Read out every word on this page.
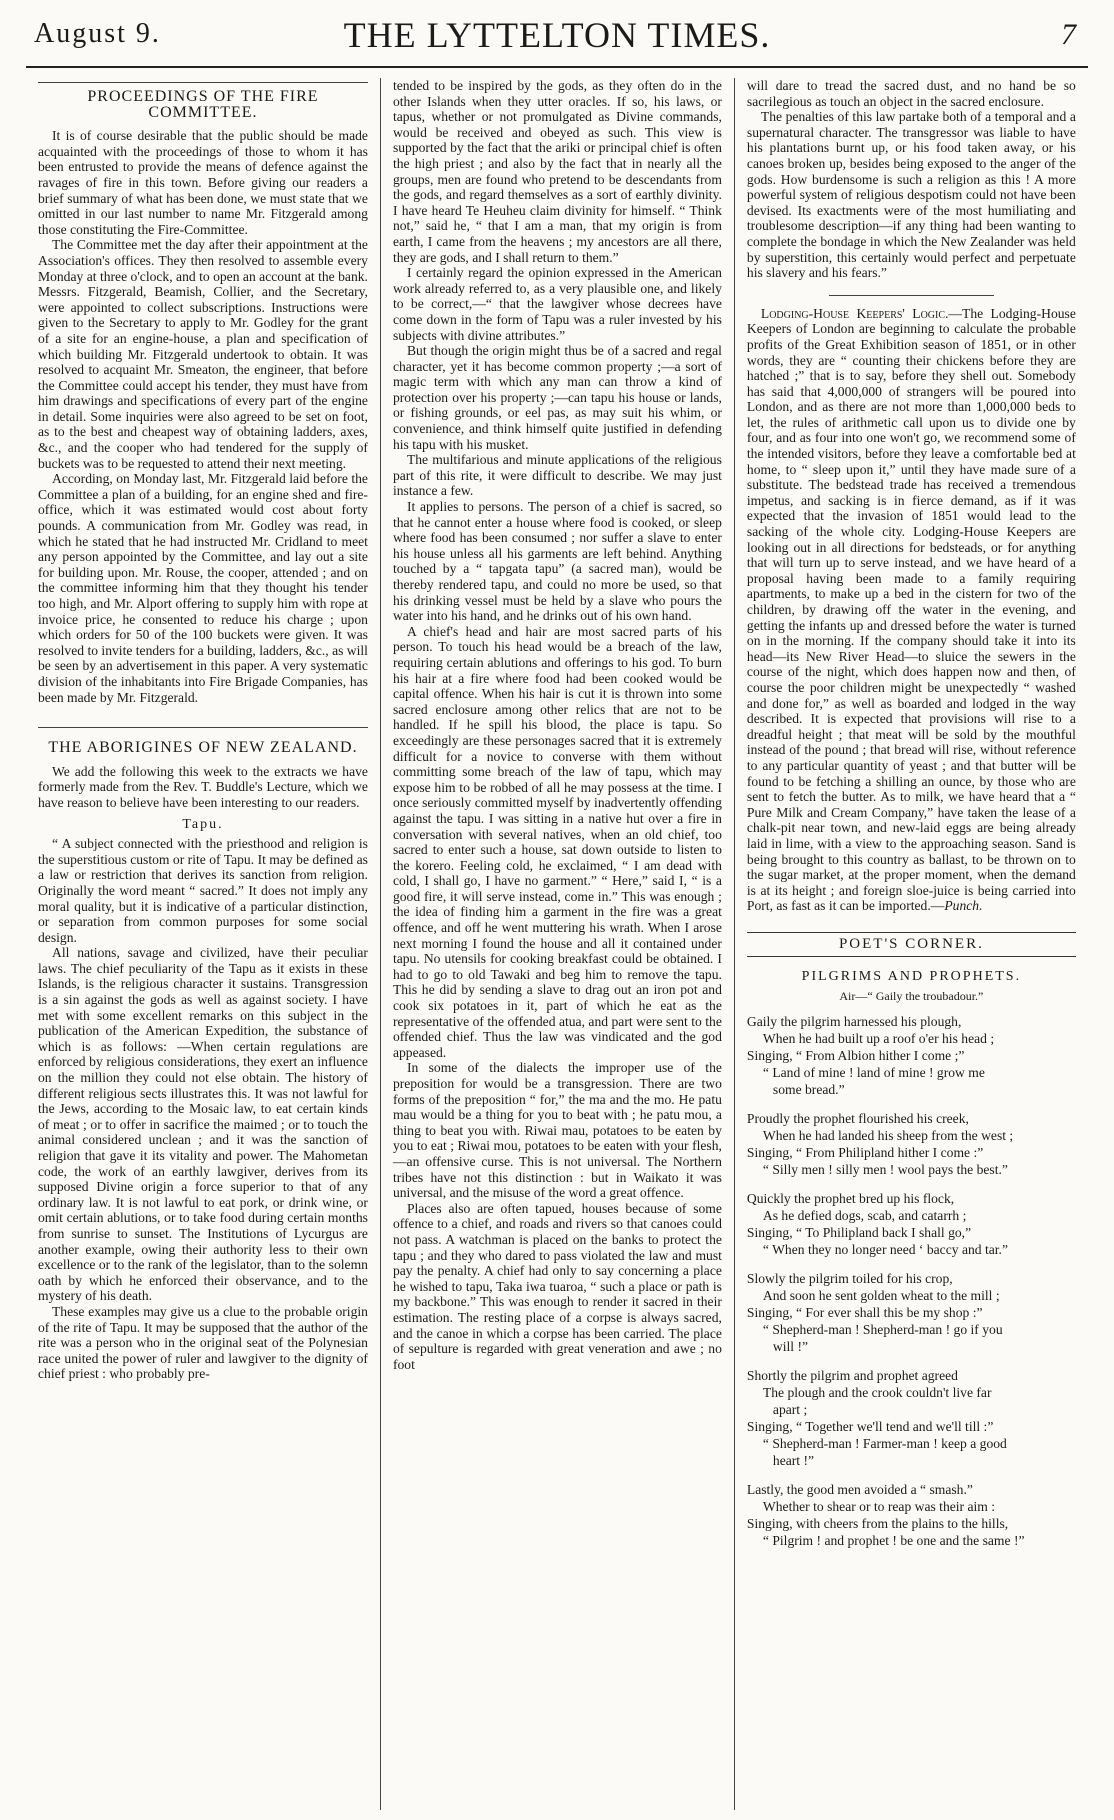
August 9.	THE LYTTELTON TIMES.	7
PROCEEDINGS OF THE FIRE COMMITTEE.

It is of course desirable that the public should be made acquainted with the proceedings of those to whom it has been entrusted to provide the means of defence against the ravages of fire in this town. Before giving our readers a brief summary of what has been done, we must state that we omitted in our last number to name Mr. Fitzgerald among those constituting the Fire-Committee.

The Committee met the day after their appointment at the Association's offices. They then resolved to assemble every Monday at three o'clock, and to open an account at the bank. Messrs. Fitzgerald, Beamish, Collier, and the Secretary, were appointed to collect subscriptions. Instructions were given to the Secretary to apply to Mr. Godley for the grant of a site for an engine-house, a plan and specification of which building Mr. Fitzgerald undertook to obtain. It was resolved to acquaint Mr. Smeaton, the engineer, that before the Committee could accept his tender, they must have from him drawings and specifications of every part of the engine in detail. Some inquiries were also agreed to be set on foot, as to the best and cheapest way of obtaining ladders, axes, &c., and the cooper who had tendered for the supply of buckets was to be requested to attend their next meeting.

According, on Monday last, Mr. Fitzgerald laid before the Committee a plan of a building, for an engine shed and fire-office, which it was estimated would cost about forty pounds. A communication from Mr. Godley was read, in which he stated that he had instructed Mr. Cridland to meet any person appointed by the Committee, and lay out a site for building upon. Mr. Rouse, the cooper, attended ; and on the committee informing him that they thought his tender too high, and Mr. Alport offering to supply him with rope at invoice price, he consented to reduce his charge ; upon which orders for 50 of the 100 buckets were given. It was resolved to invite tenders for a building, ladders, &c., as will be seen by an advertisement in this paper. A very systematic division of the inhabitants into Fire Brigade Companies, has been made by Mr. Fitzgerald.

THE ABORIGINES OF NEW ZEALAND.

We add the following this week to the extracts we have formerly made from the Rev. T. Buddle's Lecture, which we have reason to believe have been interesting to our readers.

Tapu.

“ A subject connected with the priesthood and religion is the superstitious custom or rite of Tapu. It may be defined as a law or restriction that derives its sanction from religion. Originally the word meant “ sacred.” It does not imply any moral quality, but it is indicative of a particular distinction, or separation from common purposes for some social design.

All nations, savage and civilized, have their peculiar laws. The chief peculiarity of the Tapu as it exists in these Islands, is the religious character it sustains. Transgression is a sin against the gods as well as against society. I have met with some excellent remarks on this subject in the publication of the American Expedition, the substance of which is as follows: —When certain regulations are enforced by religious considerations, they exert an influence on the million they could not else obtain. The history of different religious sects illustrates this. It was not lawful for the Jews, according to the Mosaic law, to eat certain kinds of meat ; or to offer in sacrifice the maimed ; or to touch the animal considered unclean ; and it was the sanction of religion that gave it its vitality and power. The Mahometan code, the work of an earthly lawgiver, derives from its supposed Divine origin a force superior to that of any ordinary law. It is not lawful to eat pork, or drink wine, or omit certain ablutions, or to take food during certain months from sunrise to sunset. The Institutions of Lycurgus are another example, owing their authority less to their own excellence or to the rank of the legislator, than to the solemn oath by which he enforced their observance, and to the mystery of his death.

These examples may give us a clue to the probable origin of the rite of Tapu. It may be supposed that the author of the rite was a person who in the original seat of the Polynesian race united the power of ruler and lawgiver to the dignity of chief priest : who probably pre-

tended to be inspired by the gods, as they often do in the other Islands when they utter oracles. If so, his laws, or tapus, whether or not promulgated as Divine commands, would be received and obeyed as such. This view is supported by the fact that the ariki or principal chief is often the high priest ; and also by the fact that in nearly all the groups, men are found who pretend to be descendants from the gods, and regard themselves as a sort of earthly divinity. I have heard Te Heuheu claim divinity for himself. “ Think not,” said he, “ that I am a man, that my origin is from earth, I came from the heavens ; my ancestors are all there, they are gods, and I shall return to them.”

I certainly regard the opinion expressed in the American work already referred to, as a very plausible one, and likely to be correct,—“ that the lawgiver whose decrees have come down in the form of Tapu was a ruler invested by his subjects with divine attributes.”

But though the origin might thus be of a sacred and regal character, yet it has become common property ;—a sort of magic term with which any man can throw a kind of protection over his property ;—can tapu his house or lands, or fishing grounds, or eel pas, as may suit his whim, or convenience, and think himself quite justified in defending his tapu with his musket.

The multifarious and minute applications of the religious part of this rite, it were difficult to describe. We may just instance a few.

It applies to persons. The person of a chief is sacred, so that he cannot enter a house where food is cooked, or sleep where food has been consumed ; nor suffer a slave to enter his house unless all his garments are left behind. Anything touched by a “ tapgata tapu” (a sacred man), would be thereby rendered tapu, and could no more be used, so that his drinking vessel must be held by a slave who pours the water into his hand, and he drinks out of his own hand.

A chief's head and hair are most sacred parts of his person. To touch his head would be a breach of the law, requiring certain ablutions and offerings to his god. To burn his hair at a fire where food had been cooked would be capital offence. When his hair is cut it is thrown into some sacred enclosure among other relics that are not to be handled. If he spill his blood, the place is tapu. So exceedingly are these personages sacred that it is extremely difficult for a novice to converse with them without committing some breach of the law of tapu, which may expose him to be robbed of all he may possess at the time. I once seriously committed myself by inadvertently offending against the tapu. I was sitting in a native hut over a fire in conversation with several natives, when an old chief, too sacred to enter such a house, sat down outside to listen to the korero. Feeling cold, he exclaimed, “ I am dead with cold, I shall go, I have no garment.” “ Here,” said I, “ is a good fire, it will serve instead, come in.” This was enough ; the idea of finding him a garment in the fire was a great offence, and off he went muttering his wrath. When I arose next morning I found the house and all it contained under tapu. No utensils for cooking breakfast could be obtained. I had to go to old Tawaki and beg him to remove the tapu. This he did by sending a slave to drag out an iron pot and cook six potatoes in it, part of which he eat as the representative of the offended atua, and part were sent to the offended chief. Thus the law was vindicated and the god appeased.

In some of the dialects the improper use of the preposition for would be a transgression. There are two forms of the preposition “ for,” the ma and the mo. He patu mau would be a thing for you to beat with ; he patu mou, a thing to beat you with. Riwai mau, potatoes to be eaten by you to eat ; Riwai mou, potatoes to be eaten with your flesh,—an offensive curse. This is not universal. The Northern tribes have not this distinction : but in Waikato it was universal, and the misuse of the word a great offence.

Places also are often tapued, houses because of some offence to a chief, and roads and rivers so that canoes could not pass. A watchman is placed on the banks to protect the tapu ; and they who dared to pass violated the law and must pay the penalty. A chief had only to say concerning a place he wished to tapu, Taka iwa tuaroa, “ such a place or path is my backbone.” This was enough to render it sacred in their estimation. The resting place of a corpse is always sacred, and the canoe in which a corpse has been carried. The place of sepulture is regarded with great veneration and awe ; no foot

will dare to tread the sacred dust, and no hand be so sacrilegious as touch an object in the sacred enclosure.

The penalties of this law partake both of a temporal and a supernatural character. The transgressor was liable to have his plantations burnt up, or his food taken away, or his canoes broken up, besides being exposed to the anger of the gods. How burdensome is such a religion as this ! A more powerful system of religious despotism could not have been devised. Its exactments were of the most humiliating and troublesome description—if any thing had been wanting to complete the bondage in which the New Zealander was held by superstition, this certainly would perfect and perpetuate his slavery and his fears.”

Lodging-House Keepers' Logic.—The Lodging-House Keepers of London are beginning to calculate the probable profits of the Great Exhibition season of 1851, or in other words, they are “ counting their chickens before they are hatched ;” that is to say, before they shell out. Somebody has said that 4,000,000 of strangers will be poured into London, and as there are not more than 1,000,000 beds to let, the rules of arithmetic call upon us to divide one by four, and as four into one won't go, we recommend some of the intended visitors, before they leave a comfortable bed at home, to “ sleep upon it,” until they have made sure of a substitute. The bedstead trade has received a tremendous impetus, and sacking is in fierce demand, as if it was expected that the invasion of 1851 would lead to the sacking of the whole city. Lodging-House Keepers are looking out in all directions for bedsteads, or for anything that will turn up to serve instead, and we have heard of a proposal having been made to a family requiring apartments, to make up a bed in the cistern for two of the children, by drawing off the water in the evening, and getting the infants up and dressed before the water is turned on in the morning. If the company should take it into its head—its New River Head—to sluice the sewers in the course of the night, which does happen now and then, of course the poor children might be unexpectedly “ washed and done for,” as well as boarded and lodged in the way described. It is expected that provisions will rise to a dreadful height ; that meat will be sold by the mouthful instead of the pound ; that bread will rise, without reference to any particular quantity of yeast ; and that butter will be found to be fetching a shilling an ounce, by those who are sent to fetch the butter. As to milk, we have heard that a “ Pure Milk and Cream Company,” have taken the lease of a chalk-pit near town, and new-laid eggs are being already laid in lime, with a view to the approaching season. Sand is being brought to this country as ballast, to be thrown on to the sugar market, at the proper moment, when the demand is at its height ; and foreign sloe-juice is being carried into Port, as fast as it can be imported.—Punch.

POET'S CORNER.
PILGRIMS AND PROPHETS.
Air—“ Gaily the troubadour.”
Gaily the pilgrim harnessed his plough,
When he had built up a roof o'er his head ;
Singing, “ From Albion hither I come ;”
“ Land of mine ! land of mine ! grow me
some bread.”
Proudly the prophet flourished his creek,
When he had landed his sheep from the west ;
Singing, “ From Philipland hither I come :”
“ Silly men ! silly men ! wool pays the best.”
Quickly the prophet bred up his flock,
As he defied dogs, scab, and catarrh ;
Singing, “ To Philipland back I shall go,”
“ When they no longer need ‘ baccy and tar.”
Slowly the pilgrim toiled for his crop,
And soon he sent golden wheat to the mill ;
Singing, “ For ever shall this be my shop :”
“ Shepherd-man ! Shepherd-man ! go if you
will !”
Shortly the pilgrim and prophet agreed
The plough and the crook couldn't live far
apart ;
Singing, “ Together we'll tend and we'll till :”
“ Shepherd-man ! Farmer-man ! keep a good
heart !”
Lastly, the good men avoided a “ smash.”
Whether to shear or to reap was their aim :
Singing, with cheers from the plains to the hills,
“ Pilgrim ! and prophet ! be one and the same !”
